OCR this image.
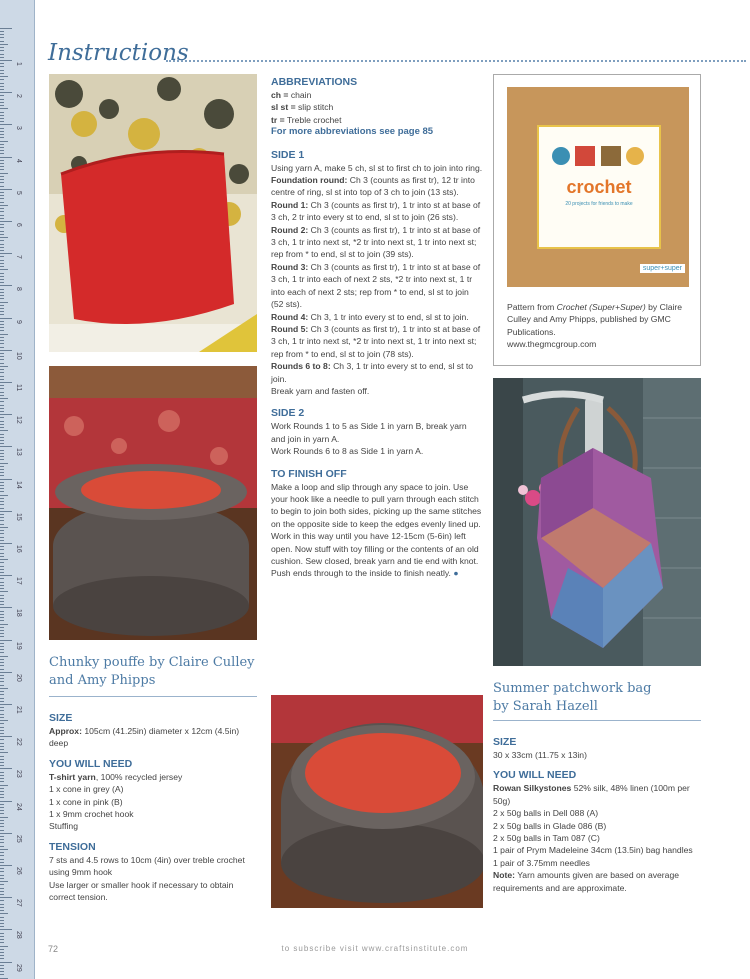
1
2
3
4
5
6
7
8
9
10
11
12
13
14
15
16
17
18
19
20
21
22
23
24
25
26
27
28
29
Instructions
Chunky pouffe by Claire Culley and Amy Phipps

SIZE

Approx: 105cm (41.25in) diameter x 12cm (4.5in) deep

YOU WILL NEED

T-shirt yarn, 100% recycled jersey

1 x cone in grey (A)

1 x cone in pink (B)

1 x 9mm crochet hook

Stuffing

TENSION

7 sts and 4.5 rows to 10cm (4in) over treble crochet using 9mm hook

Use larger or smaller hook if necessary to obtain correct tension.

ABBREVIATIONS

ch = chain

sl st = slip stitch

tr = Treble crochet

For more abbreviations see page 85

SIDE 1

Using yarn A, make 5 ch, sl st to first ch to join into ring.

Foundation round: Ch 3 (counts as first tr), 12 tr into centre of ring, sl st into top of 3 ch to join (13 sts).

Round 1: Ch 3 (counts as first tr), 1 tr into st at base of 3 ch, 2 tr into every st to end, sl st to join (26 sts).

Round 2: Ch 3 (counts as first tr), 1 tr into st at base of 3 ch, 1 tr into next st, *2 tr into next st, 1 tr into next st; rep from * to end, sl st to join (39 sts).

Round 3: Ch 3 (counts as first tr), 1 tr into st at base of 3 ch, 1 tr into each of next 2 sts, *2 tr into next st, 1 tr into each of next 2 sts; rep from * to end, sl st to join (52 sts).

Round 4: Ch 3, 1 tr into every st to end, sl st to join.

Round 5: Ch 3 (counts as first tr), 1 tr into st at base of 3 ch, 1 tr into next st, *2 tr into next st, 1 tr into next st; rep from * to end, sl st to join (78 sts).

Rounds 6 to 8: Ch 3, 1 tr into every st to end, sl st to join.

Break yarn and fasten off.

SIDE 2

Work Rounds 1 to 5 as Side 1 in yarn B, break yarn and join in yarn A.

Work Rounds 6 to 8 as Side 1 in yarn A.

TO FINISH OFF

Make a loop and slip through any space to join. Use your hook like a needle to pull yarn through each stitch to begin to join both sides, picking up the same stitches on the opposite side to keep the edges evenly lined up. Work in this way until you have 12-15cm (5-6in) left open. Now stuff with toy filling or the contents of an old cushion. Sew closed, break yarn and tie end with knot. Push ends through to the inside to finish neatly. ●

crochet
20 projects for friends to make
super+super
Pattern from Crochet (Super+Super) by Claire Culley and Amy Phipps, published by GMC Publications.
www.thegmcgroup.com
Summer patchwork bag by Sarah Hazell

SIZE

30 x 33cm (11.75 x 13in)

YOU WILL NEED

Rowan Silkystones 52% silk, 48% linen (100m per 50g)

2 x 50g balls in Dell 088 (A)

2 x 50g balls in Glade 086 (B)

2 x 50g balls in Tam 087 (C)

1 pair of Prym Madeleine 34cm (13.5in) bag handles

1 pair of 3.75mm needles

Note: Yarn amounts given are based on average requirements and are approximate.

72	to subscribe visit www.craftsinstitute.com
